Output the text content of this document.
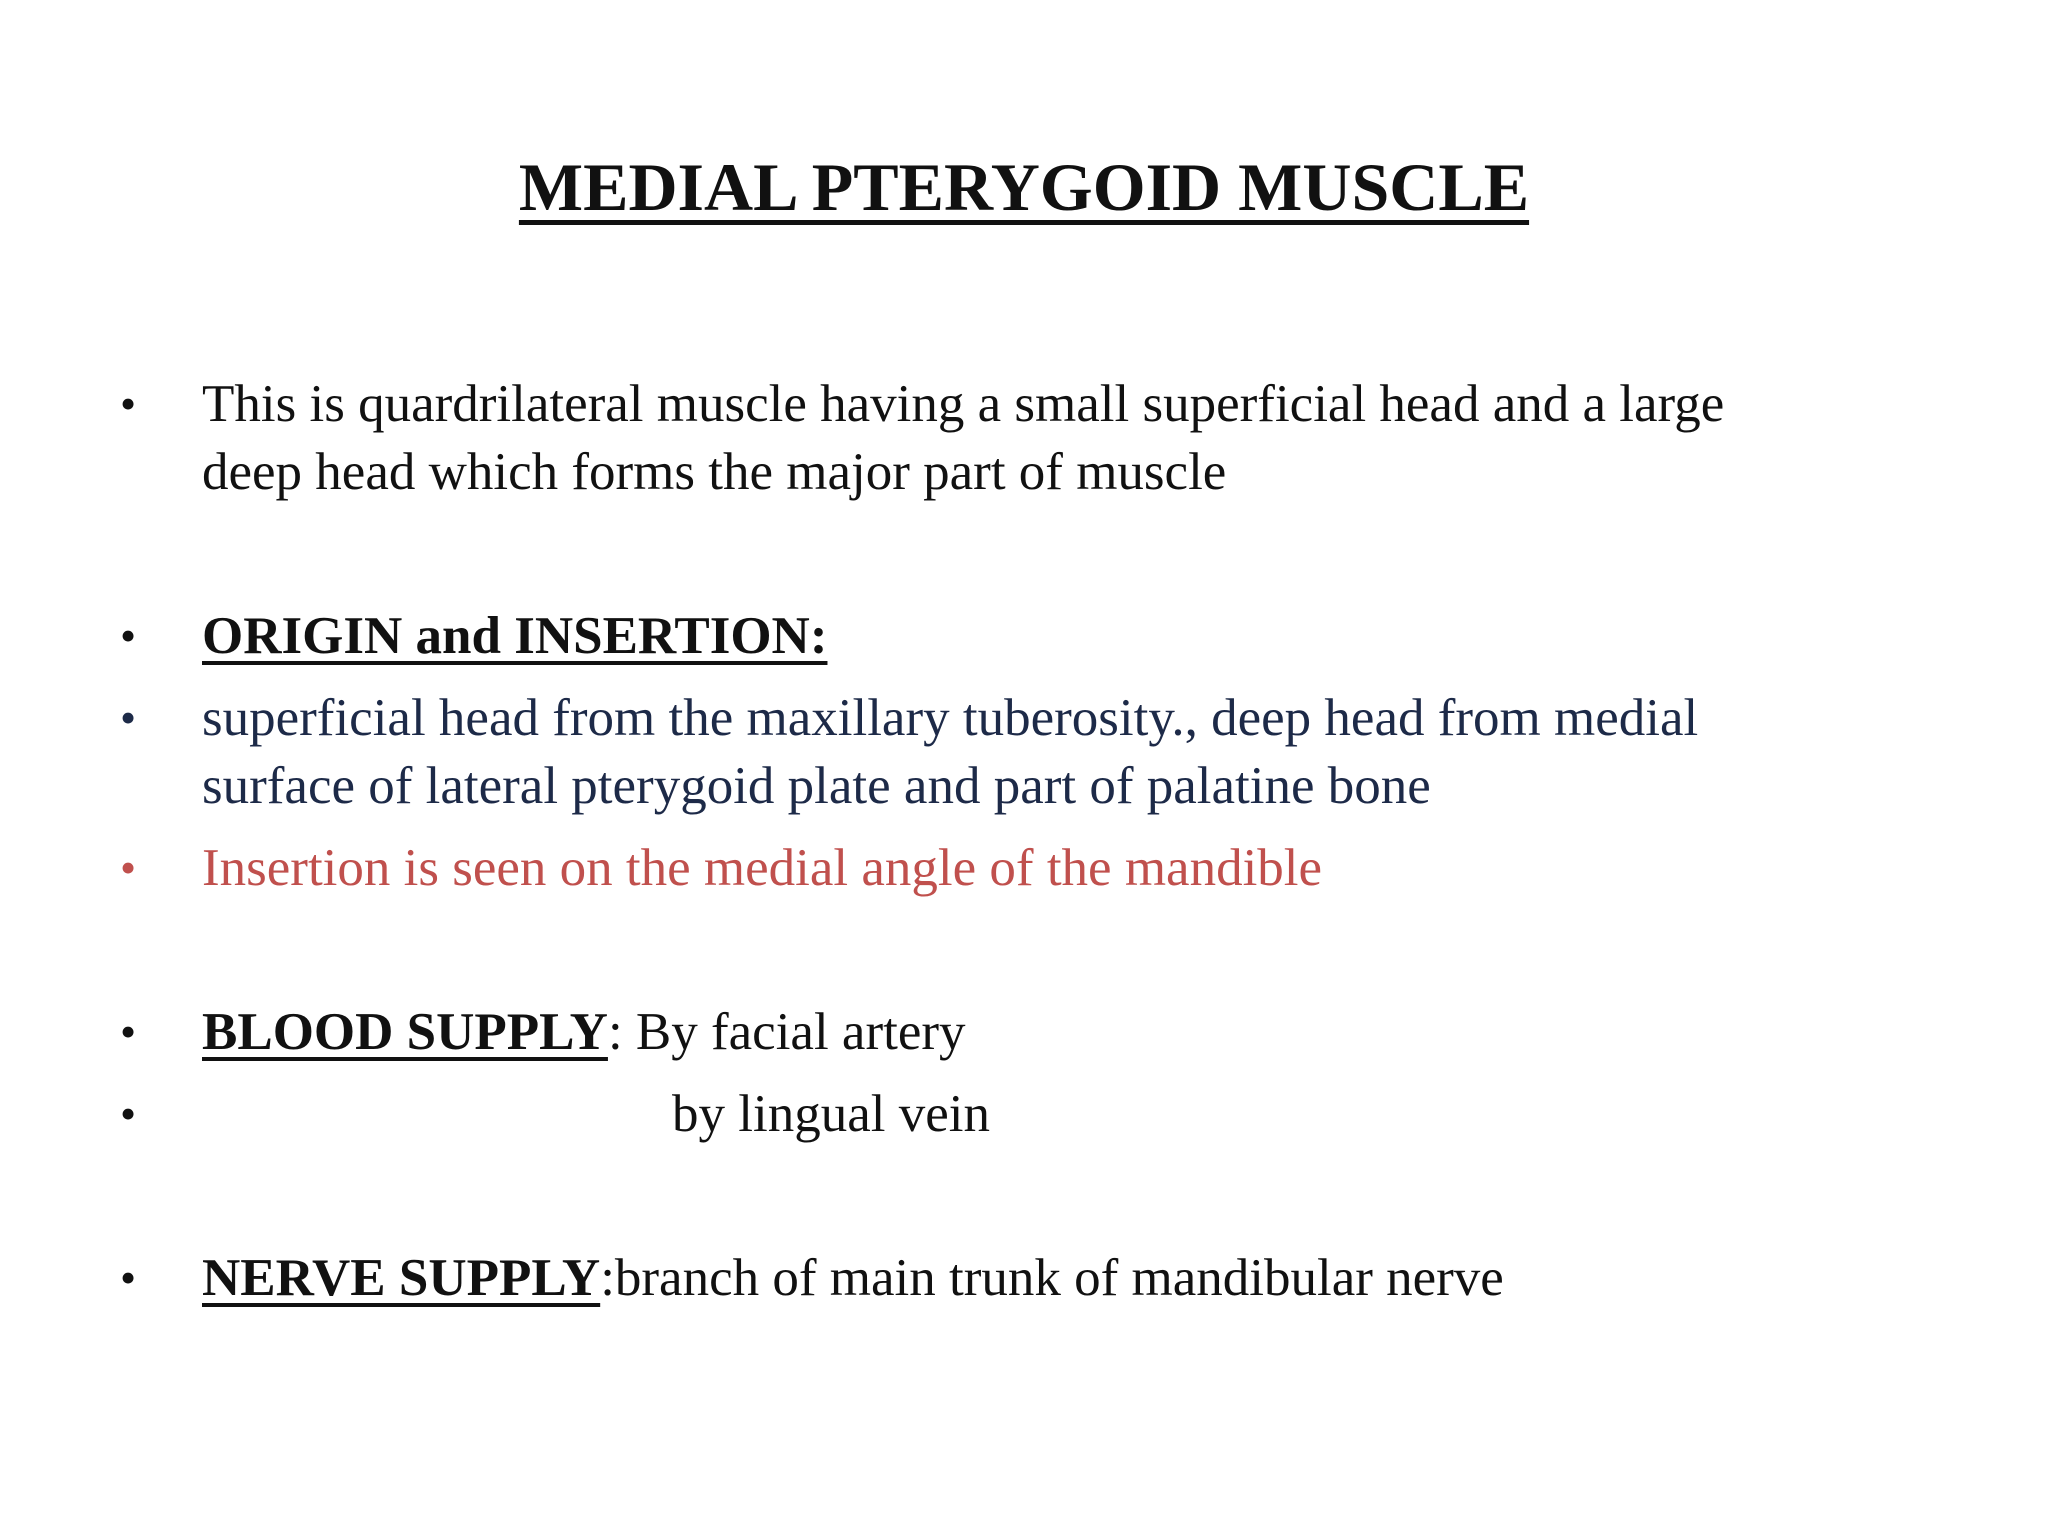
MEDIAL PTERYGOID MUSCLE
• This is quardrilateral muscle having a small superficial head and a large
deep head which forms the major part of muscle
• ORIGIN and INSERTION:
• superficial head from the maxillary tuberosity., deep head from medial
surface of lateral pterygoid plate and part of palatine bone
• Insertion is seen on the medial angle of the mandible
• BLOOD SUPPLY: By facial artery
•	by lingual vein
• NERVE SUPPLY:branch of main trunk of mandibular nerve
